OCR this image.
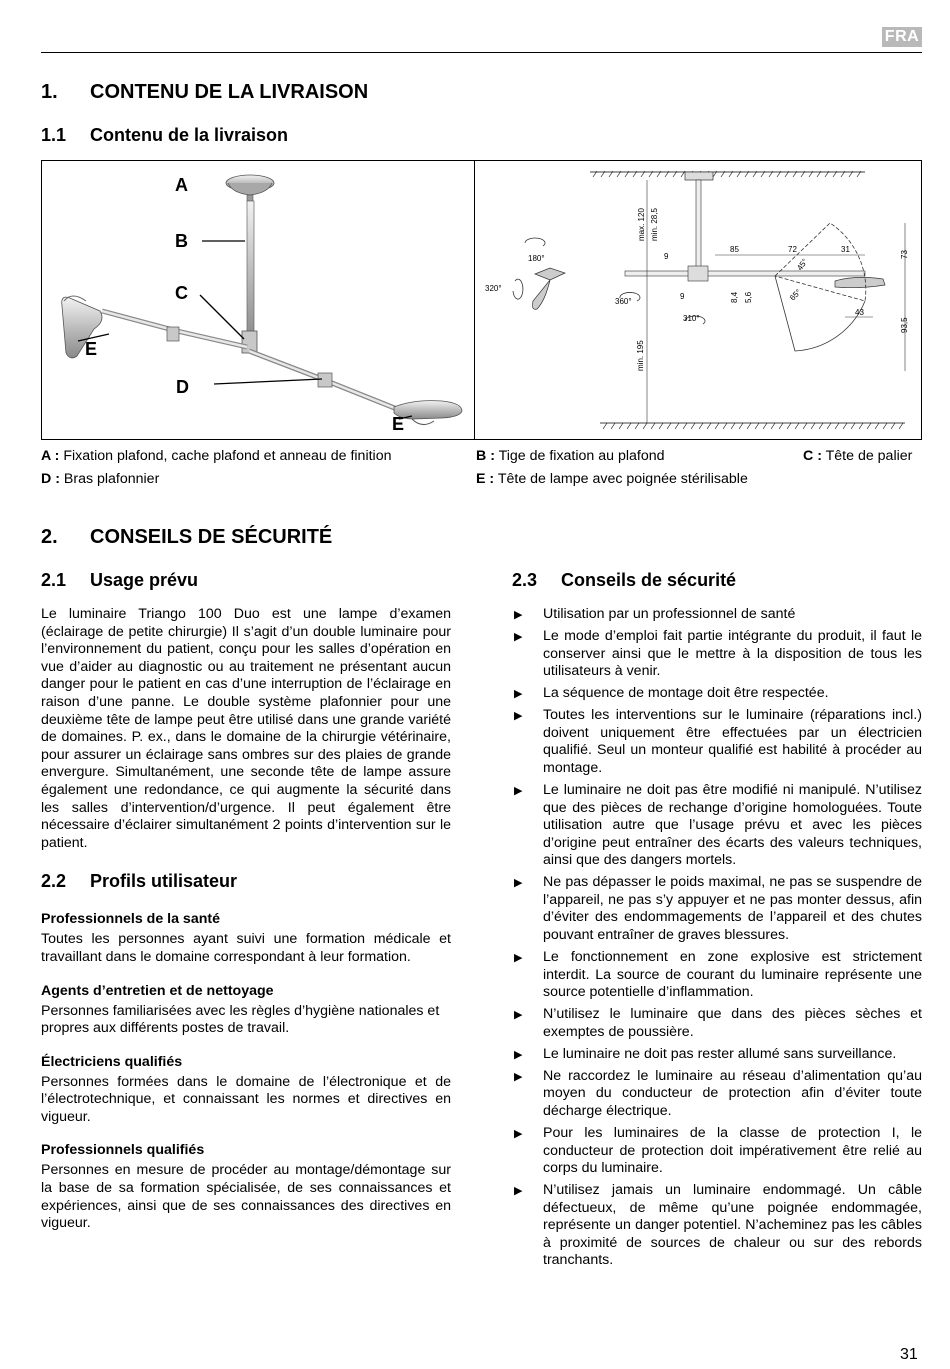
FRA
1. CONTENU DE LA LIVRAISON
1.1 Contenu de la livraison
A
B
C
E
D
E
max. 120 min. 28,5
180°
320°
360°
310°
9
9
85	72	31
73
45°
65°
8,4 5,6
43
93,5
min. 195
A : Fixation plafond, cache plafond et anneau de finition	B : Tige de fixation au plafond	C : Tête de palier
D : Bras plafonnier	E : Tête de lampe avec poignée stérilisable
2. CONSEILS DE SÉCURITÉ
2.1 Usage prévu

Le luminaire Triango 100 Duo est une lampe d’examen (éclairage de petite chirurgie) Il s’agit d’un double luminaire pour l’environnement du patient, conçu pour les salles d’opération en vue d’aider au diagnostic ou au traitement ne présentant aucun danger pour le patient en cas d’une interruption de l’éclairage en raison d’une panne. Le double système plafonnier pour une deuxième tête de lampe peut être utilisé dans une grande variété de domaines. P. ex., dans le domaine de la chirurgie vétérinaire, pour assurer un éclairage sans ombres sur des plaies de grande envergure. Simultanément, une seconde tête de lampe assure également une redondance, ce qui augmente la sécurité dans les salles d’intervention/d’urgence. Il peut également être nécessaire d’éclairer simultanément 2 points d’intervention sur le patient.

2.2 Profils utilisateur
Professionnels de la santé

Toutes les personnes ayant suivi une formation médicale et travaillant dans le domaine correspondant à leur formation.

Agents d’entretien et de nettoyage

Personnes familiarisées avec les règles d’hygiène nationales et propres aux différents postes de travail.

Électriciens qualifiés

Personnes formées dans le domaine de l’électronique et de l’électrotechnique, et connaissant les normes et directives en vigueur.

Professionnels qualifiés

Personnes en mesure de procéder au montage/démontage sur la base de sa formation spécialisée, de ses connaissances et expériences, ainsi que de ses connaissances des directives en vigueur.

2.3 Conseils de sécurité
▶ Utilisation par un professionnel de santé
▶ Le mode d’emploi fait partie intégrante du produit, il faut le conserver ainsi que le mettre à la disposition de tous les utilisateurs à venir.
▶ La séquence de montage doit être respectée.
▶ Toutes les interventions sur le luminaire (réparations incl.) doivent uniquement être effectuées par un électricien qualifié. Seul un monteur qualifié est habilité à procéder au montage.
▶ Le luminaire ne doit pas être modifié ni manipulé. N’utilisez que des pièces de rechange d’origine homologuées. Toute utilisation autre que l’usage prévu et avec les pièces d’origine peut entraîner des écarts des valeurs techniques, ainsi que des dangers mortels.
▶ Ne pas dépasser le poids maximal, ne pas se suspendre de l’appareil, ne pas s’y appuyer et ne pas monter dessus, afin d’éviter des endommagements de l’appareil et des chutes pouvant entraîner de graves blessures.
▶ Le fonctionnement en zone explosive est strictement interdit. La source de courant du luminaire représente une source potentielle d’inflammation.
▶ N’utilisez le luminaire que dans des pièces sèches et exemptes de poussière.
▶ Le luminaire ne doit pas rester allumé sans surveillance.
▶ Ne raccordez le luminaire au réseau d’alimentation qu’au moyen du conducteur de protection afin d’éviter toute décharge électrique.
▶ Pour les luminaires de la classe de protection I, le conducteur de protection doit impérativement être relié au corps du luminaire.
▶ N’utilisez jamais un luminaire endommagé. Un câble défectueux, de même qu’une poignée endommagée, représente un danger potentiel. N’acheminez pas les câbles à proximité de sources de chaleur ou sur des rebords tranchants.
31
